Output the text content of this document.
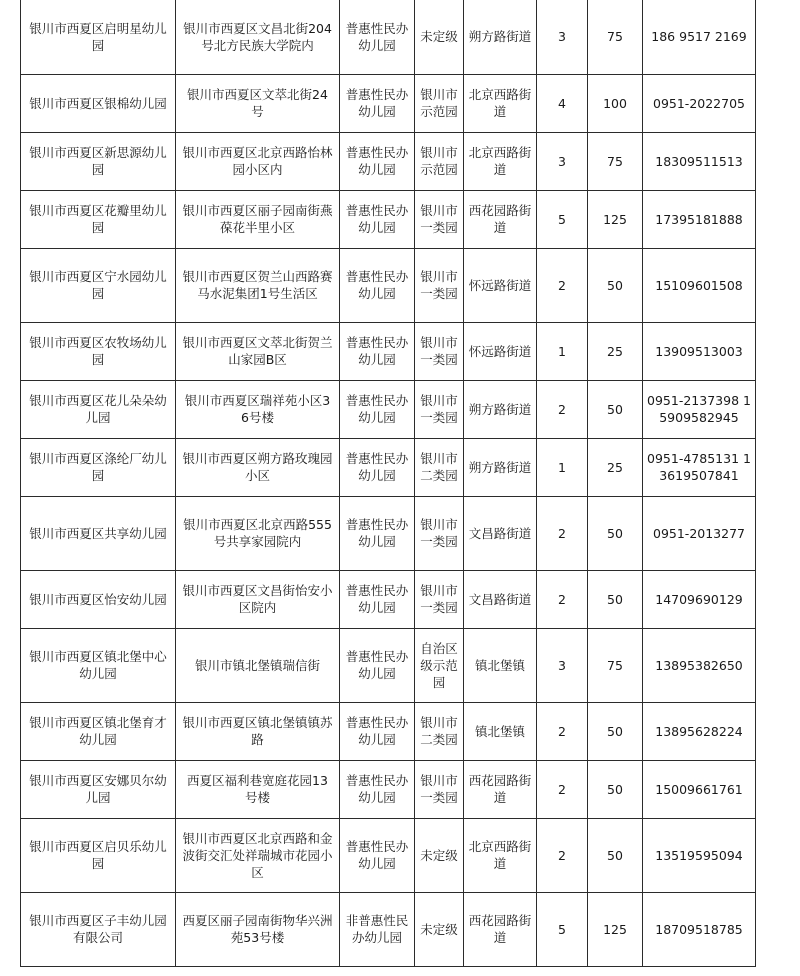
银川市西夏区启明星幼儿园	银川市西夏区文昌北街204号北方民族大学院内	普惠性民办幼儿园	未定级	朔方路街道	3	75	186 9517 2169
银川市西夏区银棉幼儿园	银川市西夏区文萃北街24号	普惠性民办幼儿园	银川市示范园	北京西路街道	4	100	0951-2022705
银川市西夏区新思源幼儿园	银川市西夏区北京西路怡林园小区内	普惠性民办幼儿园	银川市示范园	北京西路街道	3	75	18309511513
银川市西夏区花瓣里幼儿园	银川市西夏区丽子园南街燕葆花半里小区	普惠性民办幼儿园	银川市一类园	西花园路街道	5	125	17395181888
银川市西夏区宁水园幼儿园	银川市西夏区贺兰山西路赛马水泥集团1号生活区	普惠性民办幼儿园	银川市一类园	怀远路街道	2	50	15109601508
银川市西夏区农牧场幼儿园	银川市西夏区文萃北街贺兰山家园B区	普惠性民办幼儿园	银川市一类园	怀远路街道	1	25	13909513003
银川市西夏区花儿朵朵幼儿园	银川市西夏区瑞祥苑小区36号楼	普惠性民办幼儿园	银川市一类园	朔方路街道	2	50	0951-2137398 15909582945
银川市西夏区涤纶厂幼儿园	银川市西夏区朔方路玫瑰园小区	普惠性民办幼儿园	银川市二类园	朔方路街道	1	25	0951-4785131 13619507841
银川市西夏区共享幼儿园	银川市西夏区北京西路555号共享家园院内	普惠性民办幼儿园	银川市一类园	文昌路街道	2	50	0951-2013277
银川市西夏区怡安幼儿园	银川市西夏区文昌街怡安小区院内	普惠性民办幼儿园	银川市一类园	文昌路街道	2	50	14709690129
银川市西夏区镇北堡中心幼儿园	银川市镇北堡镇瑞信街	普惠性民办幼儿园	自治区级示范园	镇北堡镇	3	75	13895382650
银川市西夏区镇北堡育才幼儿园	银川市西夏区镇北堡镇镇苏路	普惠性民办幼儿园	银川市二类园	镇北堡镇	2	50	13895628224
银川市西夏区安娜贝尔幼儿园	西夏区福利巷宽庭花园13号楼	普惠性民办幼儿园	银川市一类园	西花园路街道	2	50	15009661761
银川市西夏区启贝乐幼儿园	银川市西夏区北京西路和金波街交汇处祥瑞城市花园小区	普惠性民办幼儿园	未定级	北京西路街道	2	50	13519595094
银川市西夏区子丰幼儿园有限公司	西夏区丽子园南街物华兴洲苑53号楼	非普惠性民办幼儿园	未定级	西花园路街道	5	125	18709518785
